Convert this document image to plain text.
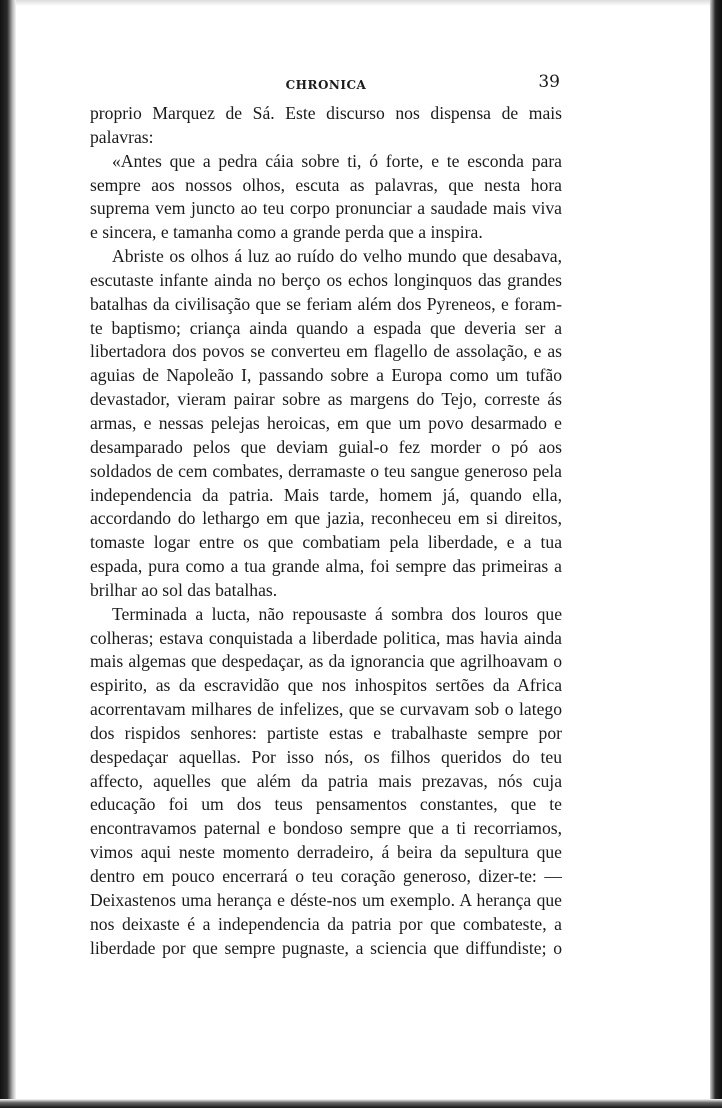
CHRONICA	39

proprio Marquez de Sá. Este discurso nos dispensa de mais palavras:

«Antes que a pedra cáia sobre ti, ó forte, e te esconda para sempre aos nossos olhos, escuta as palavras, que nesta hora suprema vem juncto ao teu corpo pronunciar a saudade mais viva e sincera, e tamanha como a grande perda que a inspira.

Abriste os olhos á luz ao ruído do velho mundo que desabava, escutaste infante ainda no berço os echos longinquos das grandes batalhas da civilisação que se feriam além dos Pyreneos, e foram-te baptismo; criança ainda quando a espada que deveria ser a libertadora dos povos se converteu em flagello de assolação, e as aguias de Napoleão I, passando sobre a Europa como um tufão devastador, vieram pairar sobre as margens do Tejo, correste ás armas, e nessas pelejas heroicas, em que um povo desarmado e desamparado pelos que deviam guial-o fez morder o pó aos soldados de cem combates, derramaste o teu sangue generoso pela independencia da patria. Mais tarde, homem já, quando ella, accordando do lethargo em que jazia, reconheceu em si direitos, tomaste logar entre os que combatiam pela liberdade, e a tua espada, pura como a tua grande alma, foi sempre das primeiras a brilhar ao sol das batalhas.

Terminada a lucta, não repousaste á sombra dos louros que colheras; estava conquistada a liberdade politica, mas havia ainda mais algemas que despedaçar, as da ignorancia que agrilhoavam o espirito, as da escravidão que nos inhospitos sertões da Africa acorrentavam milhares de infelizes, que se curvavam sob o latego dos rispidos senhores: partiste estas e trabalhaste sempre por despedaçar aquellas. Por isso nós, os filhos queridos do teu affecto, aquelles que além da patria mais prezavas, nós cuja educação foi um dos teus pensamentos constantes, que te encontravamos paternal e bondoso sempre que a ti recorriamos, vimos aqui neste momento derradeiro, á beira da sepultura que dentro em pouco encerrará o teu coração generoso, dizer-te: — Deixastenos uma herança e déste-nos um exemplo. A herança que nos deixaste é a independencia da patria por que combateste, a liberdade por que sempre pugnaste, a sciencia que diffundiste; o
